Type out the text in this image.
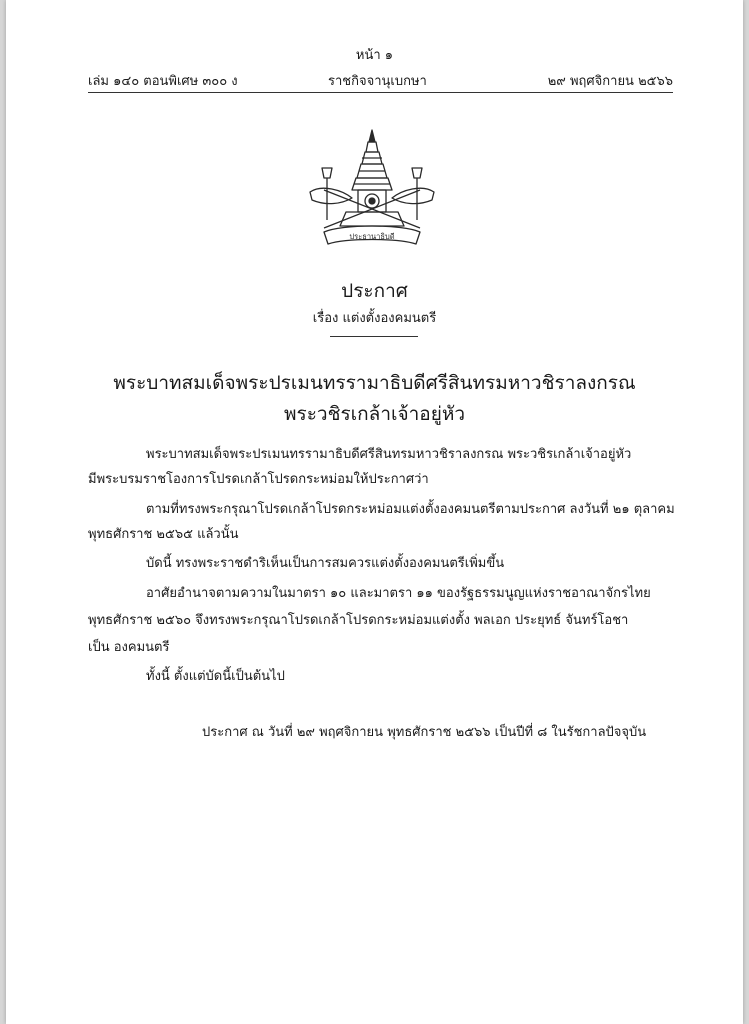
หน้า ๑
เล่ม ๑๔๐ ตอนพิเศษ ๓๐๐ ง	ราชกิจจานุเบกษา	๒๙ พฤศจิกายน ๒๕๖๖
ประธานาธิบดี
ประกาศ
เรื่อง แต่งตั้งองคมนตรี
พระบาทสมเด็จพระปรเมนทรรามาธิบดีศรีสินทรมหาวชิราลงกรณ
พระวชิรเกล้าเจ้าอยู่หัว
พระบาทสมเด็จพระปรเมนทรรามาธิบดีศรีสินทรมหาวชิราลงกรณ พระวชิรเกล้าเจ้าอยู่หัว
มีพระบรมราชโองการโปรดเกล้าโปรดกระหม่อมให้ประกาศว่า
ตามที่ทรงพระกรุณาโปรดเกล้าโปรดกระหม่อมแต่งตั้งองคมนตรีตามประกาศ ลงวันที่ ๒๑ ตุลาคม
พุทธศักราช ๒๕๖๕ แล้วนั้น
บัดนี้ ทรงพระราชดำริเห็นเป็นการสมควรแต่งตั้งองคมนตรีเพิ่มขึ้น
อาศัยอำนาจตามความในมาตรา ๑๐ และมาตรา ๑๑ ของรัฐธรรมนูญแห่งราชอาณาจักรไทย
พุทธศักราช ๒๕๖๐ จึงทรงพระกรุณาโปรดเกล้าโปรดกระหม่อมแต่งตั้ง พลเอก ประยุทธ์ จันทร์โอชา
เป็น องคมนตรี
ทั้งนี้ ตั้งแต่บัดนี้เป็นต้นไป
ประกาศ ณ วันที่ ๒๙ พฤศจิกายน พุทธศักราช ๒๕๖๖ เป็นปีที่ ๘ ในรัชกาลปัจจุบัน
